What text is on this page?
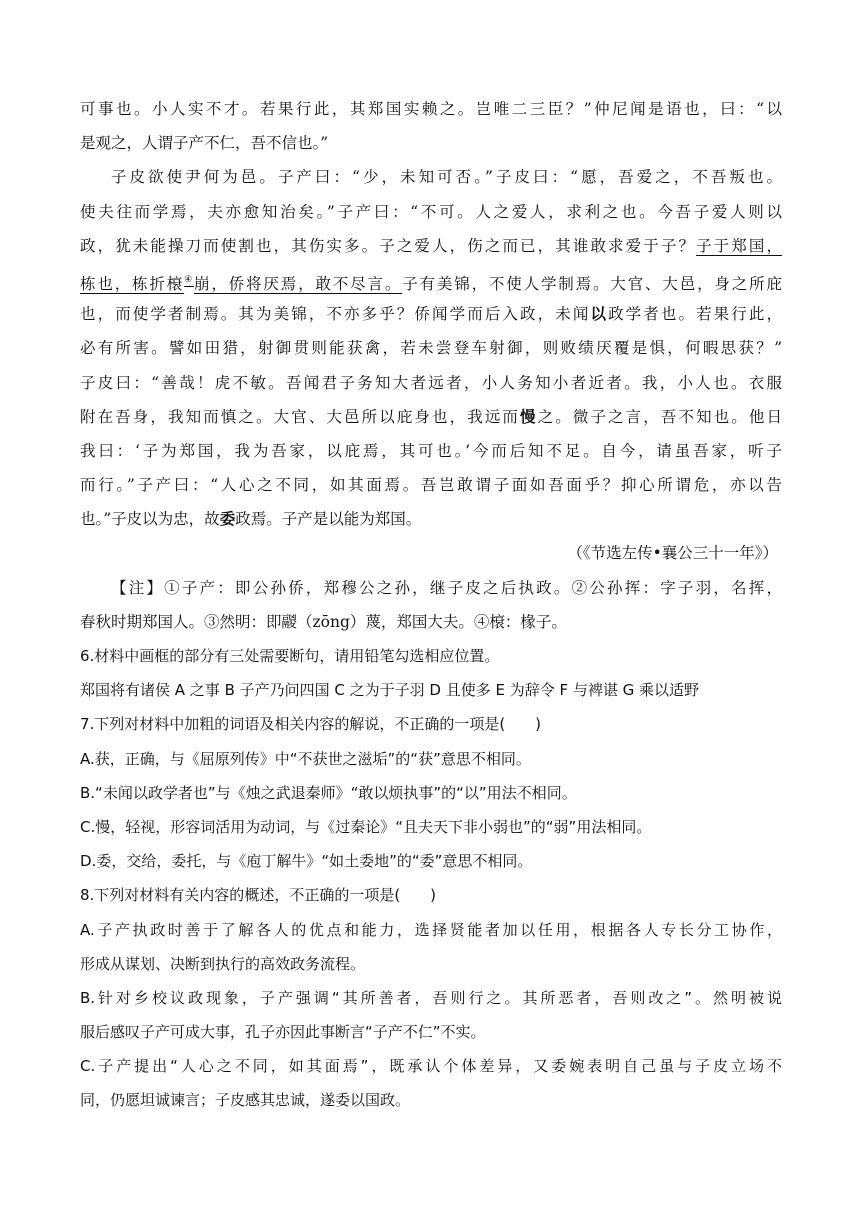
可事也。小人实不才。若果行此，其郑国实赖之。岂唯二三臣？”仲尼闻是语也，曰：“以

是观之，人谓子产不仁，吾不信也。”

子皮欲使尹何为邑。子产曰：“少，未知可否。”子皮曰：“愿，吾爱之，不吾叛也。

使夫往而学焉，夫亦愈知治矣。”子产曰：“不可。人之爱人，求利之也。今吾子爱人则以

政，犹未能操刀而使割也，其伤实多。子之爱人，伤之而已，其谁敢求爱于子？子于郑国，

栋也，栋折榱④崩，侨将厌焉，敢不尽言。子有美锦，不使人学制焉。大官、大邑，身之所庇

也，而使学者制焉。其为美锦，不亦多乎？侨闻学而后入政，未闻以政学者也。若果行此，

必有所害。譬如田猎，射御贯则能获禽，若未尝登车射御，则败绩厌覆是惧，何暇思获？”

子皮曰：“善哉！虎不敏。吾闻君子务知大者远者，小人务知小者近者。我，小人也。衣服

附在吾身，我知而慎之。大官、大邑所以庇身也，我远而慢之。微子之言，吾不知也。他日

我曰：‘子为郑国，我为吾家，以庇焉，其可也。’今而后知不足。自今，请虽吾家，听子

而行。”子产曰：“人心之不同，如其面焉。吾岂敢谓子面如吾面乎？抑心所谓危，亦以告

也。”子皮以为忠，故委政焉。子产是以能为郑国。

（《节选左传•襄公三十一年》）

【注】①子产：即公孙侨，郑穆公之孙，继子皮之后执政。②公孙挥：字子羽，名挥，

春秋时期郑国人。③然明：即鬷（zōng）蔑，郑国大夫。④榱：椽子。

6.材料中画框的部分有三处需要断句，请用铅笔勾选相应位置。

郑国将有诸侯 A 之事 B 子产乃问四国 C 之为于子羽 D 且使多 E 为辞令 F 与裨谌 G 乘以适野

7.下列对材料中加粗的词语及相关内容的解说，不正确的一项是(　　)

A.获，正确，与《屈原列传》中“不获世之滋垢”的“获”意思不相同。

B.“未闻以政学者也”与《烛之武退秦师》“敢以烦执事”的“以”用法不相同。

C.慢，轻视，形容词活用为动词，与《过秦论》“且夫天下非小弱也”的“弱”用法相同。

D.委，交给，委托，与《庖丁解牛》“如土委地”的“委”意思不相同。

8.下列对材料有关内容的概述，不正确的一项是(　　)

A.子产执政时善于了解各人的优点和能力，选择贤能者加以任用，根据各人专长分工协作，

形成从谋划、决断到执行的高效政务流程。

B.针对乡校议政现象，子产强调“其所善者，吾则行之。其所恶者，吾则改之”。然明被说

服后感叹子产可成大事，孔子亦因此事断言“子产不仁”不实。

C.子产提出“人心之不同，如其面焉”，既承认个体差异，又委婉表明自己虽与子皮立场不

同，仍愿坦诚谏言；子皮感其忠诚，遂委以国政。
